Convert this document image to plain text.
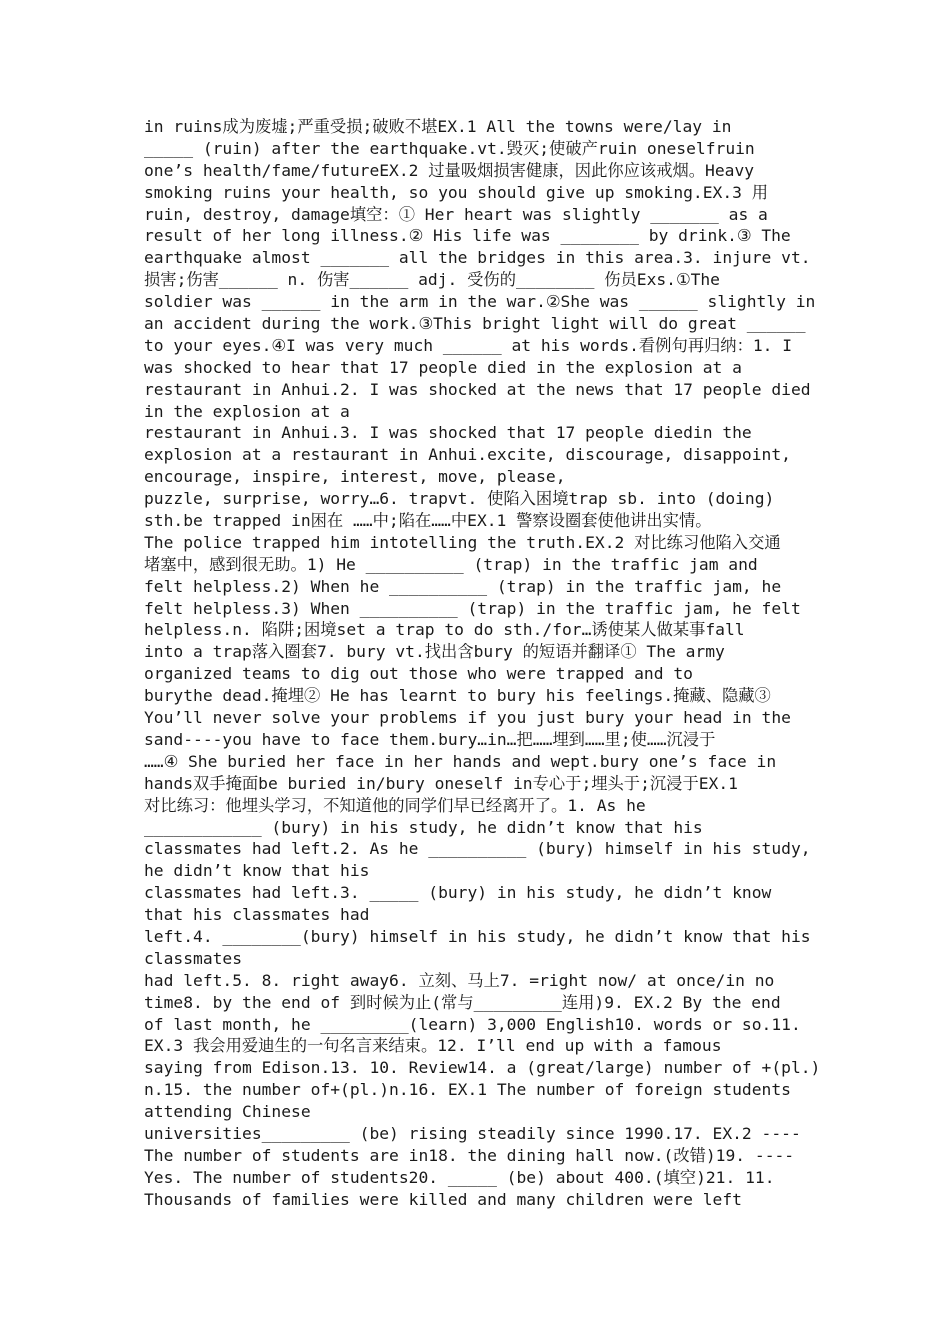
in ruins成为废墟;严重受损;破败不堪EX.1 All the towns were/lay in
_____ (ruin) after the earthquake.vt.毁灭;使破产ruin oneselfruin
one’s health/fame/futureEX.2 过量吸烟损害健康，因此你应该戒烟。Heavy
smoking ruins your health, so you should give up smoking.EX.3 用
ruin, destroy, damage填空：① Her heart was slightly _______ as a
result of her long illness.② His life was ________ by drink.③ The
earthquake almost _______ all the bridges in this area.3. injure vt.
损害;伤害______ n. 伤害______ adj. 受伤的________ 伤员Exs.①The
soldier was ______ in the arm in the war.②She was ______ slightly in
an accident during the work.③This bright light will do great ______
to your eyes.④I was very much ______ at his words.看例句再归纳：1. I
was shocked to hear that 17 people died in the explosion at a
restaurant in Anhui.2. I was shocked at the news that 17 people died
in the explosion at a
restaurant in Anhui.3. I was shocked that 17 people diedin the
explosion at a restaurant in Anhui.excite, discourage, disappoint,
encourage, inspire, interest, move, please,
puzzle, surprise, worry…6. trapvt. 使陷入困境trap sb. into (doing)
sth.be trapped in困在 ……中;陷在……中EX.1 警察设圈套使他讲出实情。
The police trapped him intotelling the truth.EX.2 对比练习他陷入交通
堵塞中，感到很无助。1) He __________ (trap) in the traffic jam and
felt helpless.2) When he __________ (trap) in the traffic jam, he
felt helpless.3) When __________ (trap) in the traffic jam, he felt
helpless.n. 陷阱;困境set a trap to do sth./for…诱使某人做某事fall
into a trap落入圈套7. bury vt.找出含bury 的短语并翻译① The army
organized teams to dig out those who were trapped and to
burythe dead.掩埋② He has learnt to bury his feelings.掩藏、隐藏③
You’ll never solve your problems if you just bury your head in the
sand----you have to face them.bury…in…把……埋到……里;使……沉浸于
……④ She buried her face in her hands and wept.bury one’s face in
hands双手掩面be buried in/bury oneself in专心于;埋头于;沉浸于EX.1
对比练习：他埋头学习，不知道他的同学们早已经离开了。1. As he
____________ (bury) in his study, he didn’t know that his
classmates had left.2. As he __________ (bury) himself in his study,
he didn’t know that his
classmates had left.3. _____ (bury) in his study, he didn’t know
that his classmates had
left.4. ________(bury) himself in his study, he didn’t know that his
classmates
had left.5. 8. right away6. 立刻、马上7. =right now/ at once/in no
time8. by the end of 到时候为止(常与_________连用)9. EX.2 By the end
of last month, he _________(learn) 3,000 English10. words or so.11.
EX.3 我会用爱迪生的一句名言来结束。12. I’ll end up with a famous
saying from Edison.13. 10. Review14. a (great/large) number of +(pl.)
n.15. the number of+(pl.)n.16. EX.1 The number of foreign students
attending Chinese
universities_________ (be) rising steadily since 1990.17. EX.2 ----
The number of students are in18. the dining hall now.(改错)19. ----
Yes. The number of students20. _____ (be) about 400.(填空)21. 11.
Thousands of families were killed and many children were left
